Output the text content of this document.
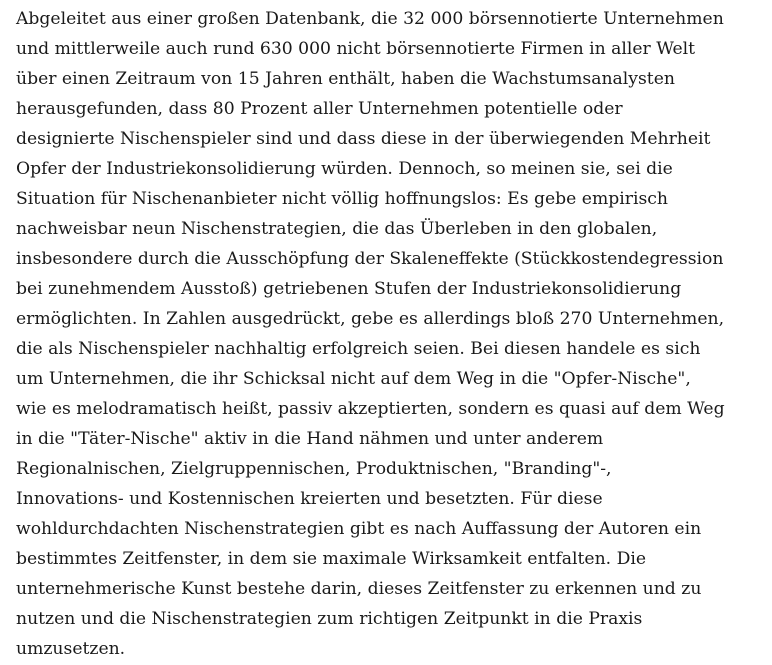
Abgeleitet aus einer großen Datenbank, die 32 000 börsennotierte Unternehmen
und mittlerweile auch rund 630 000 nicht börsennotierte Firmen in aller Welt
über einen Zeitraum von 15 Jahren enthält, haben die Wachstumsanalysten
herausgefunden, dass 80 Prozent aller Unternehmen potentielle oder
designierte Nischenspieler sind und dass diese in der überwiegenden Mehrheit
Opfer der Industriekonsolidierung würden. Dennoch, so meinen sie, sei die
Situation für Nischenanbieter nicht völlig hoffnungslos: Es gebe empirisch
nachweisbar neun Nischenstrategien, die das Überleben in den globalen,
insbesondere durch die Ausschöpfung der Skaleneffekte (Stückkostendegression
bei zunehmendem Ausstoß) getriebenen Stufen der Industriekonsolidierung
ermöglichten. In Zahlen ausgedrückt, gebe es allerdings bloß 270 Unternehmen,
die als Nischenspieler nachhaltig erfolgreich seien. Bei diesen handele es sich
um Unternehmen, die ihr Schicksal nicht auf dem Weg in die "Opfer-Nische",
wie es melodramatisch heißt, passiv akzeptierten, sondern es quasi auf dem Weg
in die "Täter-Nische" aktiv in die Hand nähmen und unter anderem
Regionalnischen, Zielgruppennischen, Produktnischen, "Branding"-,
Innovations- und Kostennischen kreierten und besetzten. Für diese
wohldurchdachten Nischenstrategien gibt es nach Auffassung der Autoren ein
bestimmtes Zeitfenster, in dem sie maximale Wirksamkeit entfalten. Die
unternehmerische Kunst bestehe darin, dieses Zeitfenster zu erkennen und zu
nutzen und die Nischenstrategien zum richtigen Zeitpunkt in die Praxis
umzusetzen.
